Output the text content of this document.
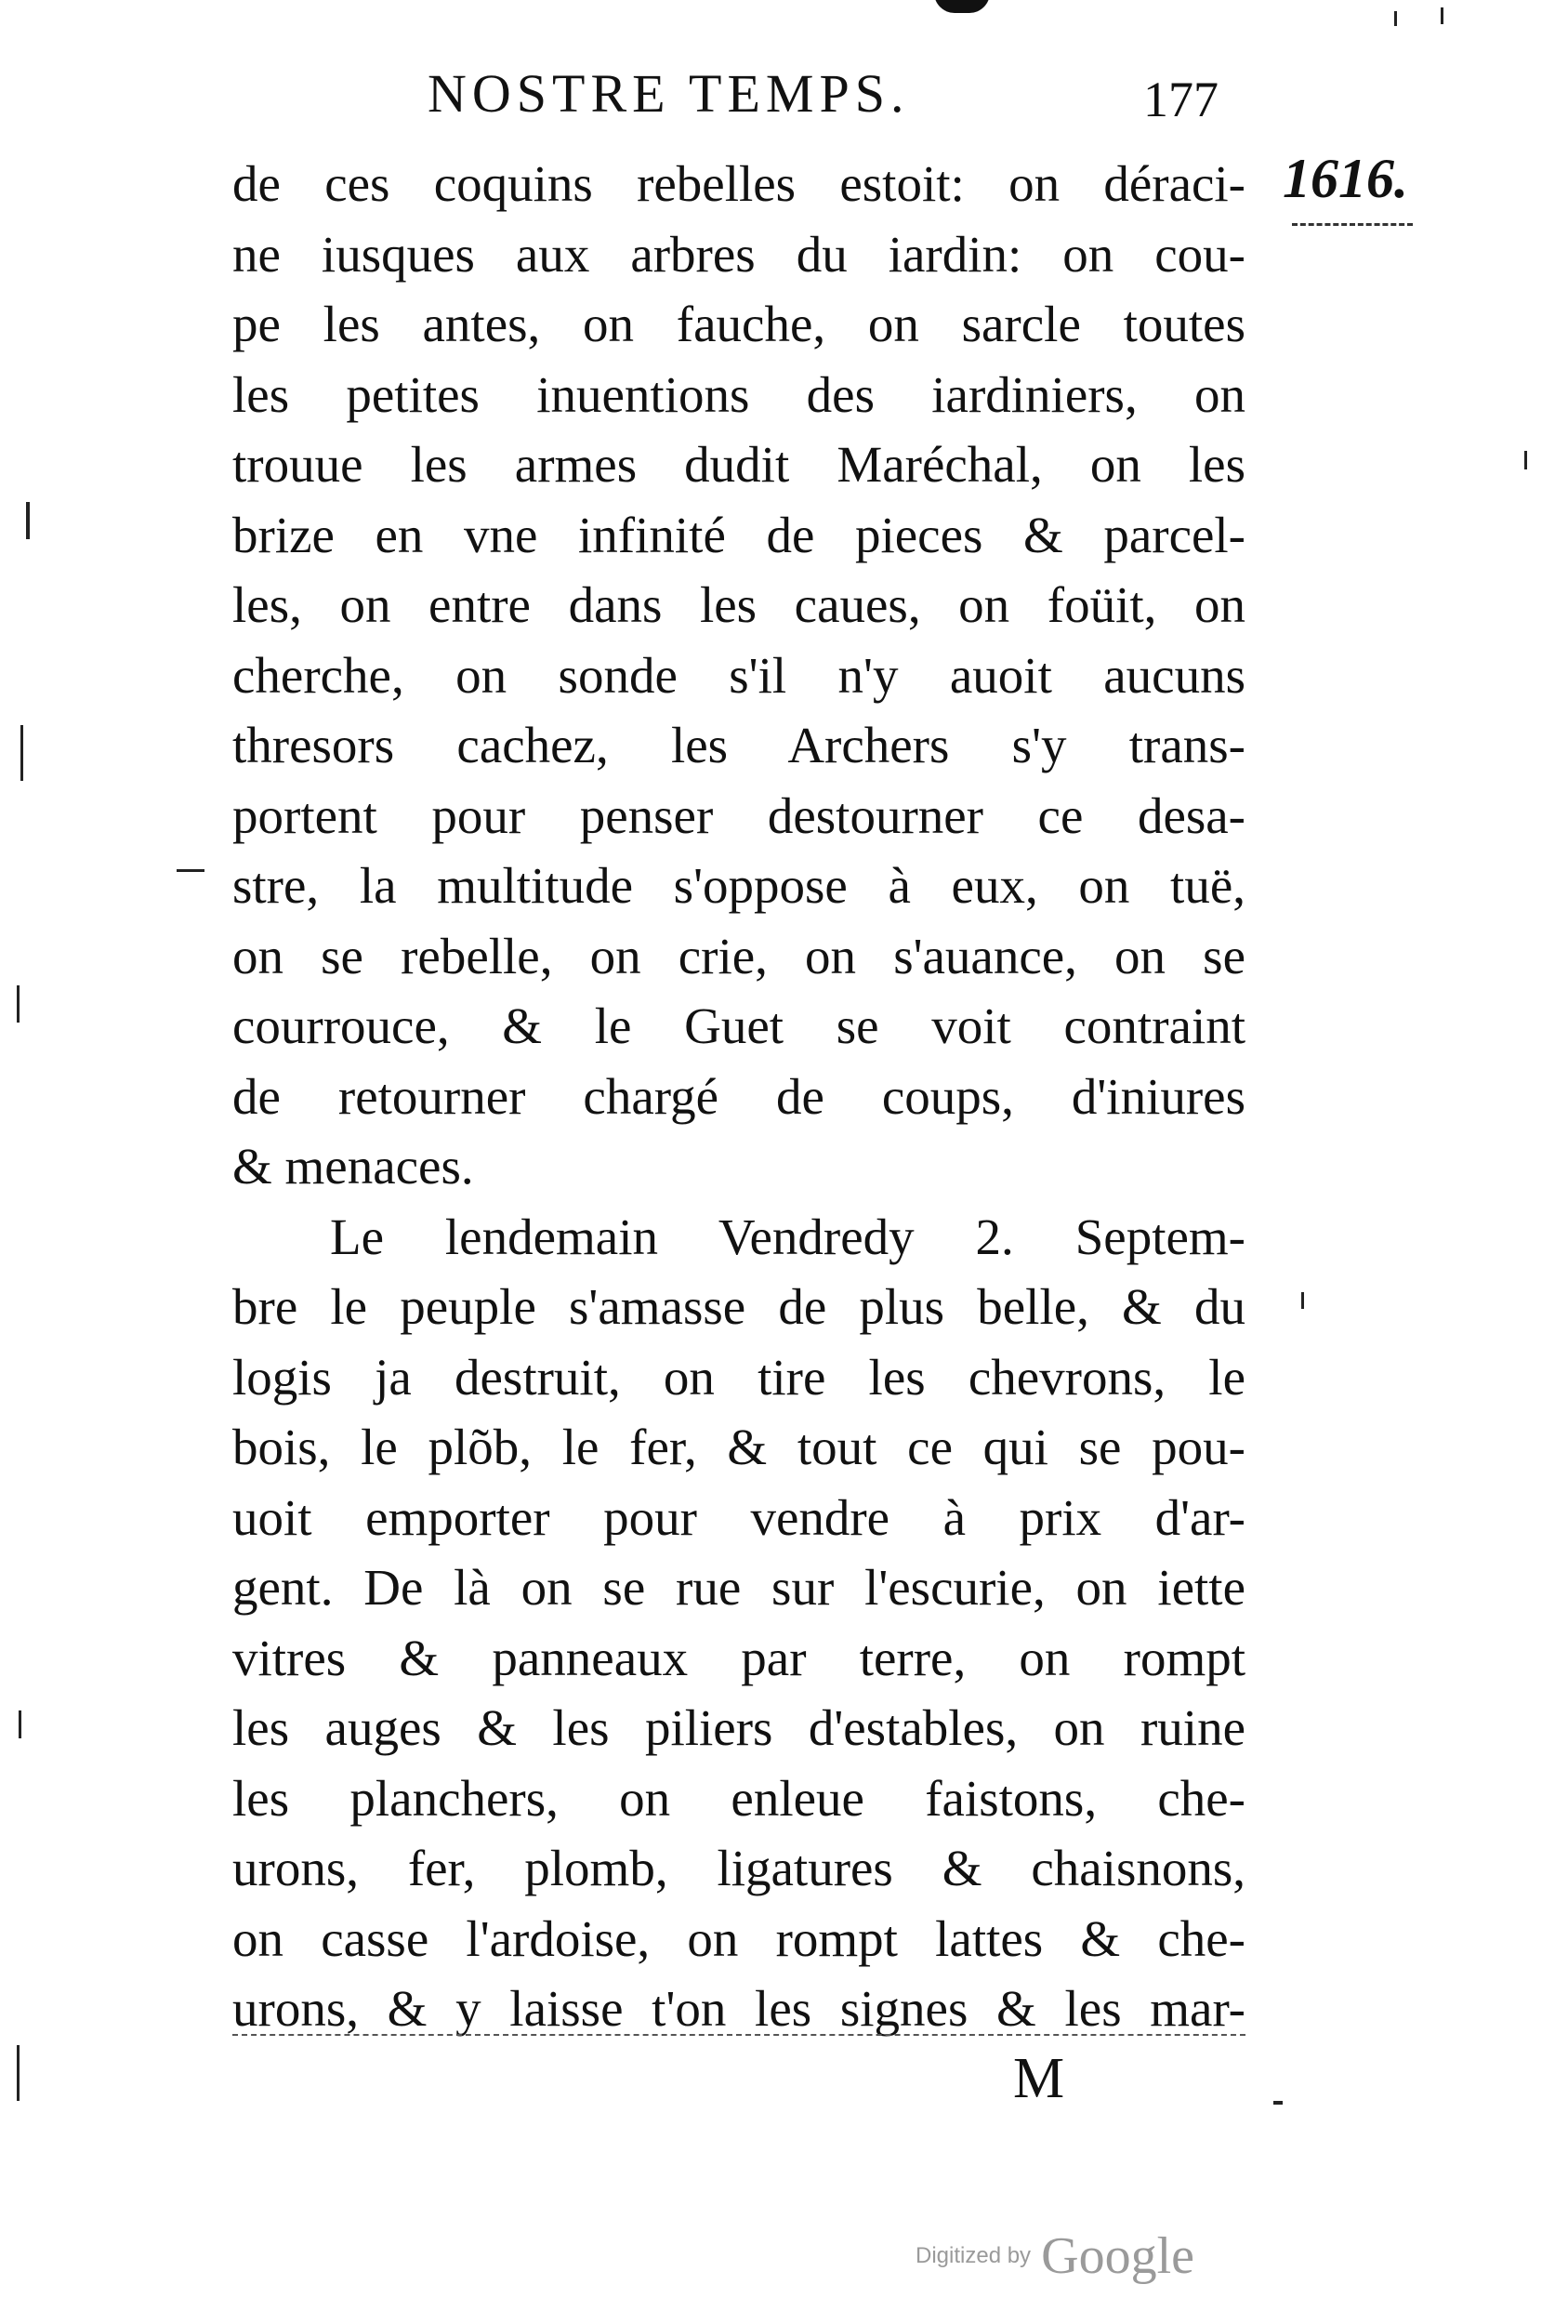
NOSTRE TEMPS.	177
1616.
de ces coquins rebelles estoit: on déraci-
ne iusques aux arbres du iardin: on cou-
pe les antes, on fauche, on sarcle toutes
les petites inuentions des iardiniers, on
trouue les armes dudit Maréchal, on les
brize en vne infinité de pieces & parcel-
les, on entre dans les caues, on foüit, on
cherche, on sonde s'il n'y auoit aucuns
thresors cachez, les Archers s'y trans-
portent pour penser destourner ce desa-
stre, la multitude s'oppose à eux, on tuë,
on se rebelle, on crie, on s'auance, on se
courrouce, & le Guet se voit contraint
de retourner chargé de coups, d'iniures
& menaces.
Le lendemain Vendredy 2. Septem-
bre le peuple s'amasse de plus belle, & du
logis ja destruit, on tire les chevrons, le
bois, le plõb, le fer, & tout ce qui se pou-
uoit emporter pour vendre à prix d'ar-
gent. De là on se rue sur l'escurie, on iette
vitres & panneaux par terre, on rompt
les auges & les piliers d'estables, on ruine
les planchers, on enleue faistons, che-
urons, fer, plomb, ligatures & chaisnons,
on casse l'ardoise, on rompt lattes & che-
urons, & y laisse t'on les signes & les mar-
M
Digitized by Google
